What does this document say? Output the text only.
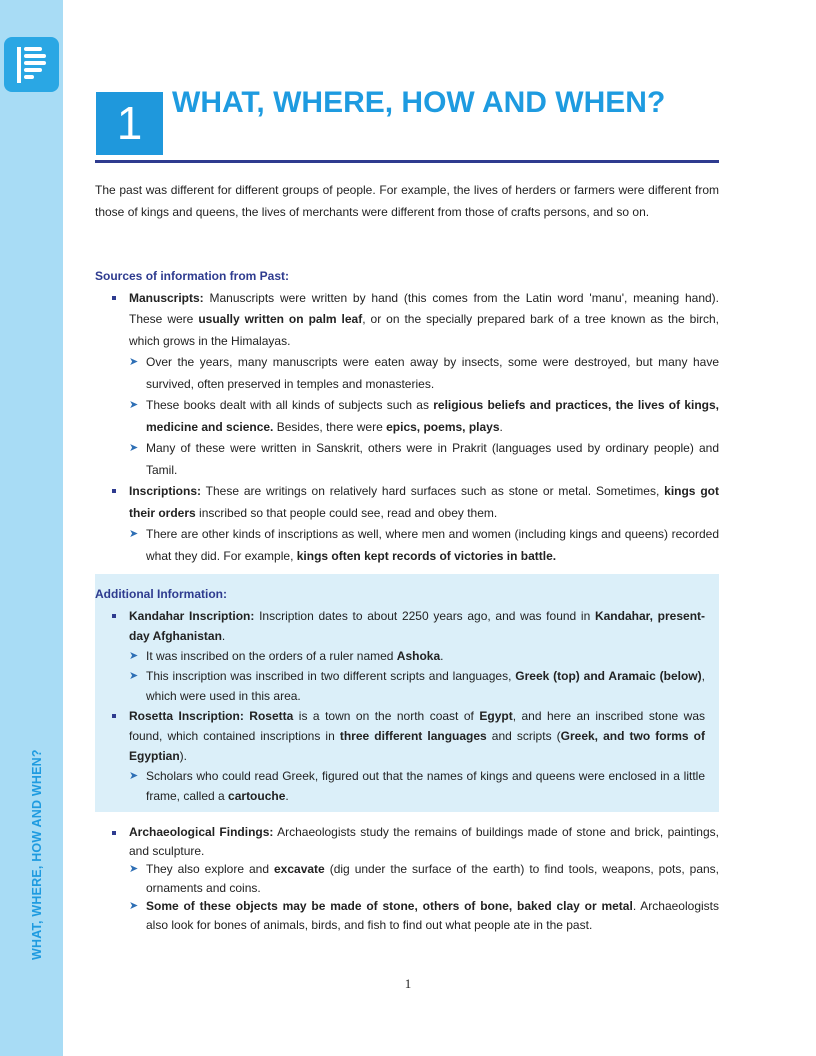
WHAT, WHERE, HOW AND WHEN?
1 WHAT, WHERE, HOW AND WHEN?

The past was different for different groups of people. For example, the lives of herders or farmers were different from those of kings and queens, the lives of merchants were different from those of crafts persons, and so on.

Sources of information from Past:
Manuscripts: Manuscripts were written by hand (this comes from the Latin word 'manu', meaning hand). These were usually written on palm leaf, or on the specially prepared bark of a tree known as the birch, which grows in the Himalayas.
➤ Over the years, many manuscripts were eaten away by insects, some were destroyed, but many have survived, often preserved in temples and monasteries.
➤ These books dealt with all kinds of subjects such as religious beliefs and practices, the lives of kings, medicine and science. Besides, there were epics, poems, plays.
➤ Many of these were written in Sanskrit, others were in Prakrit (languages used by ordinary people) and Tamil.
Inscriptions: These are writings on relatively hard surfaces such as stone or metal. Sometimes, kings got their orders inscribed so that people could see, read and obey them.
➤ There are other kinds of inscriptions as well, where men and women (including kings and queens) recorded what they did. For example, kings often kept records of victories in battle.
Additional Information:
Kandahar Inscription: Inscription dates to about 2250 years ago, and was found in Kandahar, present-day Afghanistan.
➤ It was inscribed on the orders of a ruler named Ashoka.
➤ This inscription was inscribed in two different scripts and languages, Greek (top) and Aramaic (below), which were used in this area.
Rosetta Inscription: Rosetta is a town on the north coast of Egypt, and here an inscribed stone was found, which contained inscriptions in three different languages and scripts (Greek, and two forms of Egyptian).
➤ Scholars who could read Greek, figured out that the names of kings and queens were enclosed in a little frame, called a cartouche.
Archaeological Findings: Archaeologists study the remains of buildings made of stone and brick, paintings, and sculpture.
➤ They also explore and excavate (dig under the surface of the earth) to find tools, weapons, pots, pans, ornaments and coins.
➤ Some of these objects may be made of stone, others of bone, baked clay or metal. Archaeologists also look for bones of animals, birds, and fish to find out what people ate in the past.
1
